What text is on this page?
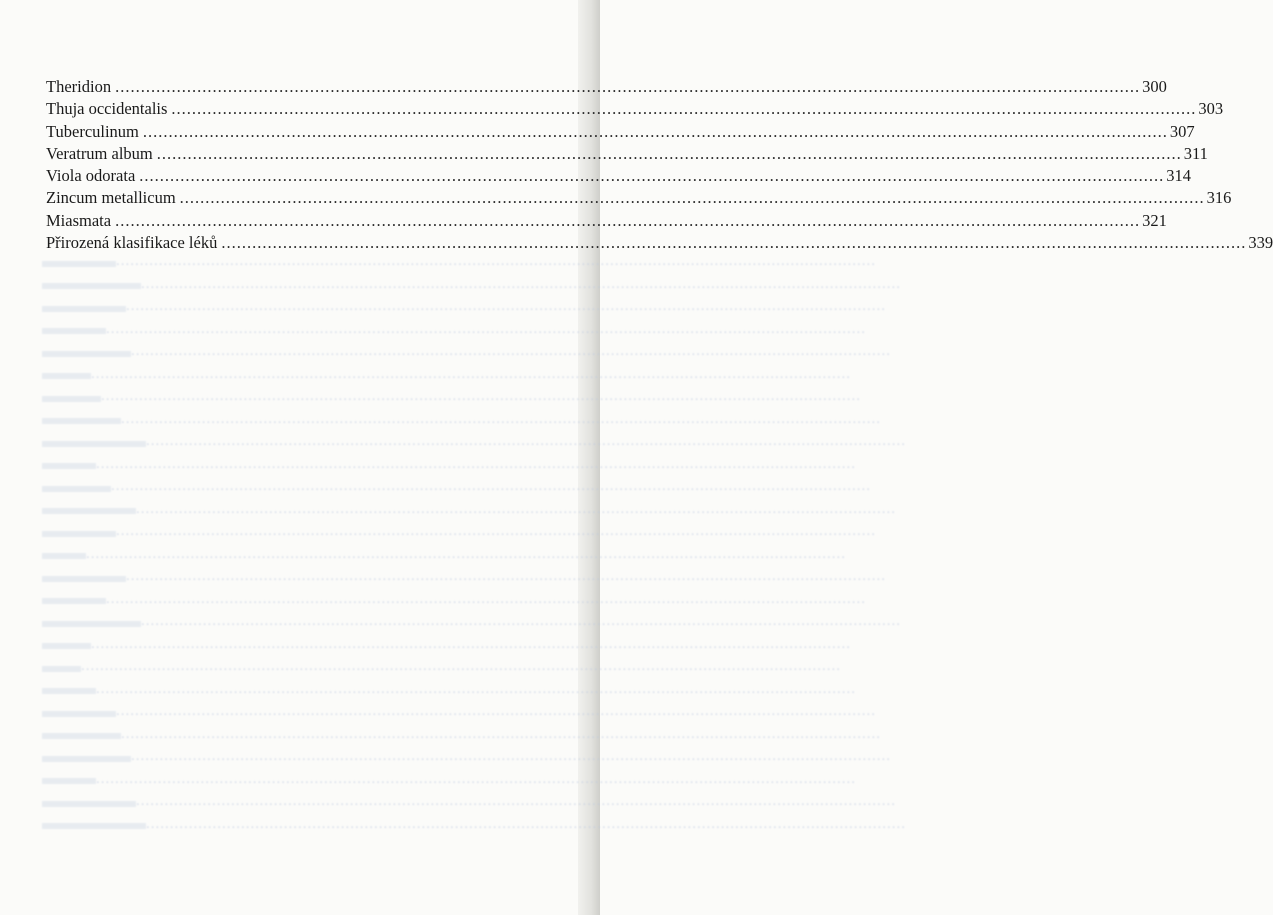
................................................................................................................................................................
................................................................................................................................................................
................................................................................................................................................................
................................................................................................................................................................
................................................................................................................................................................
................................................................................................................................................................
................................................................................................................................................................
................................................................................................................................................................
................................................................................................................................................................
................................................................................................................................................................
................................................................................................................................................................
................................................................................................................................................................
................................................................................................................................................................
................................................................................................................................................................
................................................................................................................................................................
................................................................................................................................................................
................................................................................................................................................................
................................................................................................................................................................
................................................................................................................................................................
................................................................................................................................................................
................................................................................................................................................................
................................................................................................................................................................
................................................................................................................................................................
................................................................................................................................................................
................................................................................................................................................................
................................................................................................................................................................
Theridion ........................................................................................................................................................................................................ 300
Thuja occidentalis ........................................................................................................................................................................................................ 303
Tuberculinum ........................................................................................................................................................................................................ 307
Veratrum album ........................................................................................................................................................................................................ 311
Viola odorata ........................................................................................................................................................................................................ 314
Zincum metallicum ........................................................................................................................................................................................................ 316
Miasmata ........................................................................................................................................................................................................ 321
Přirozená klasifikace léků ........................................................................................................................................................................................................ 339
